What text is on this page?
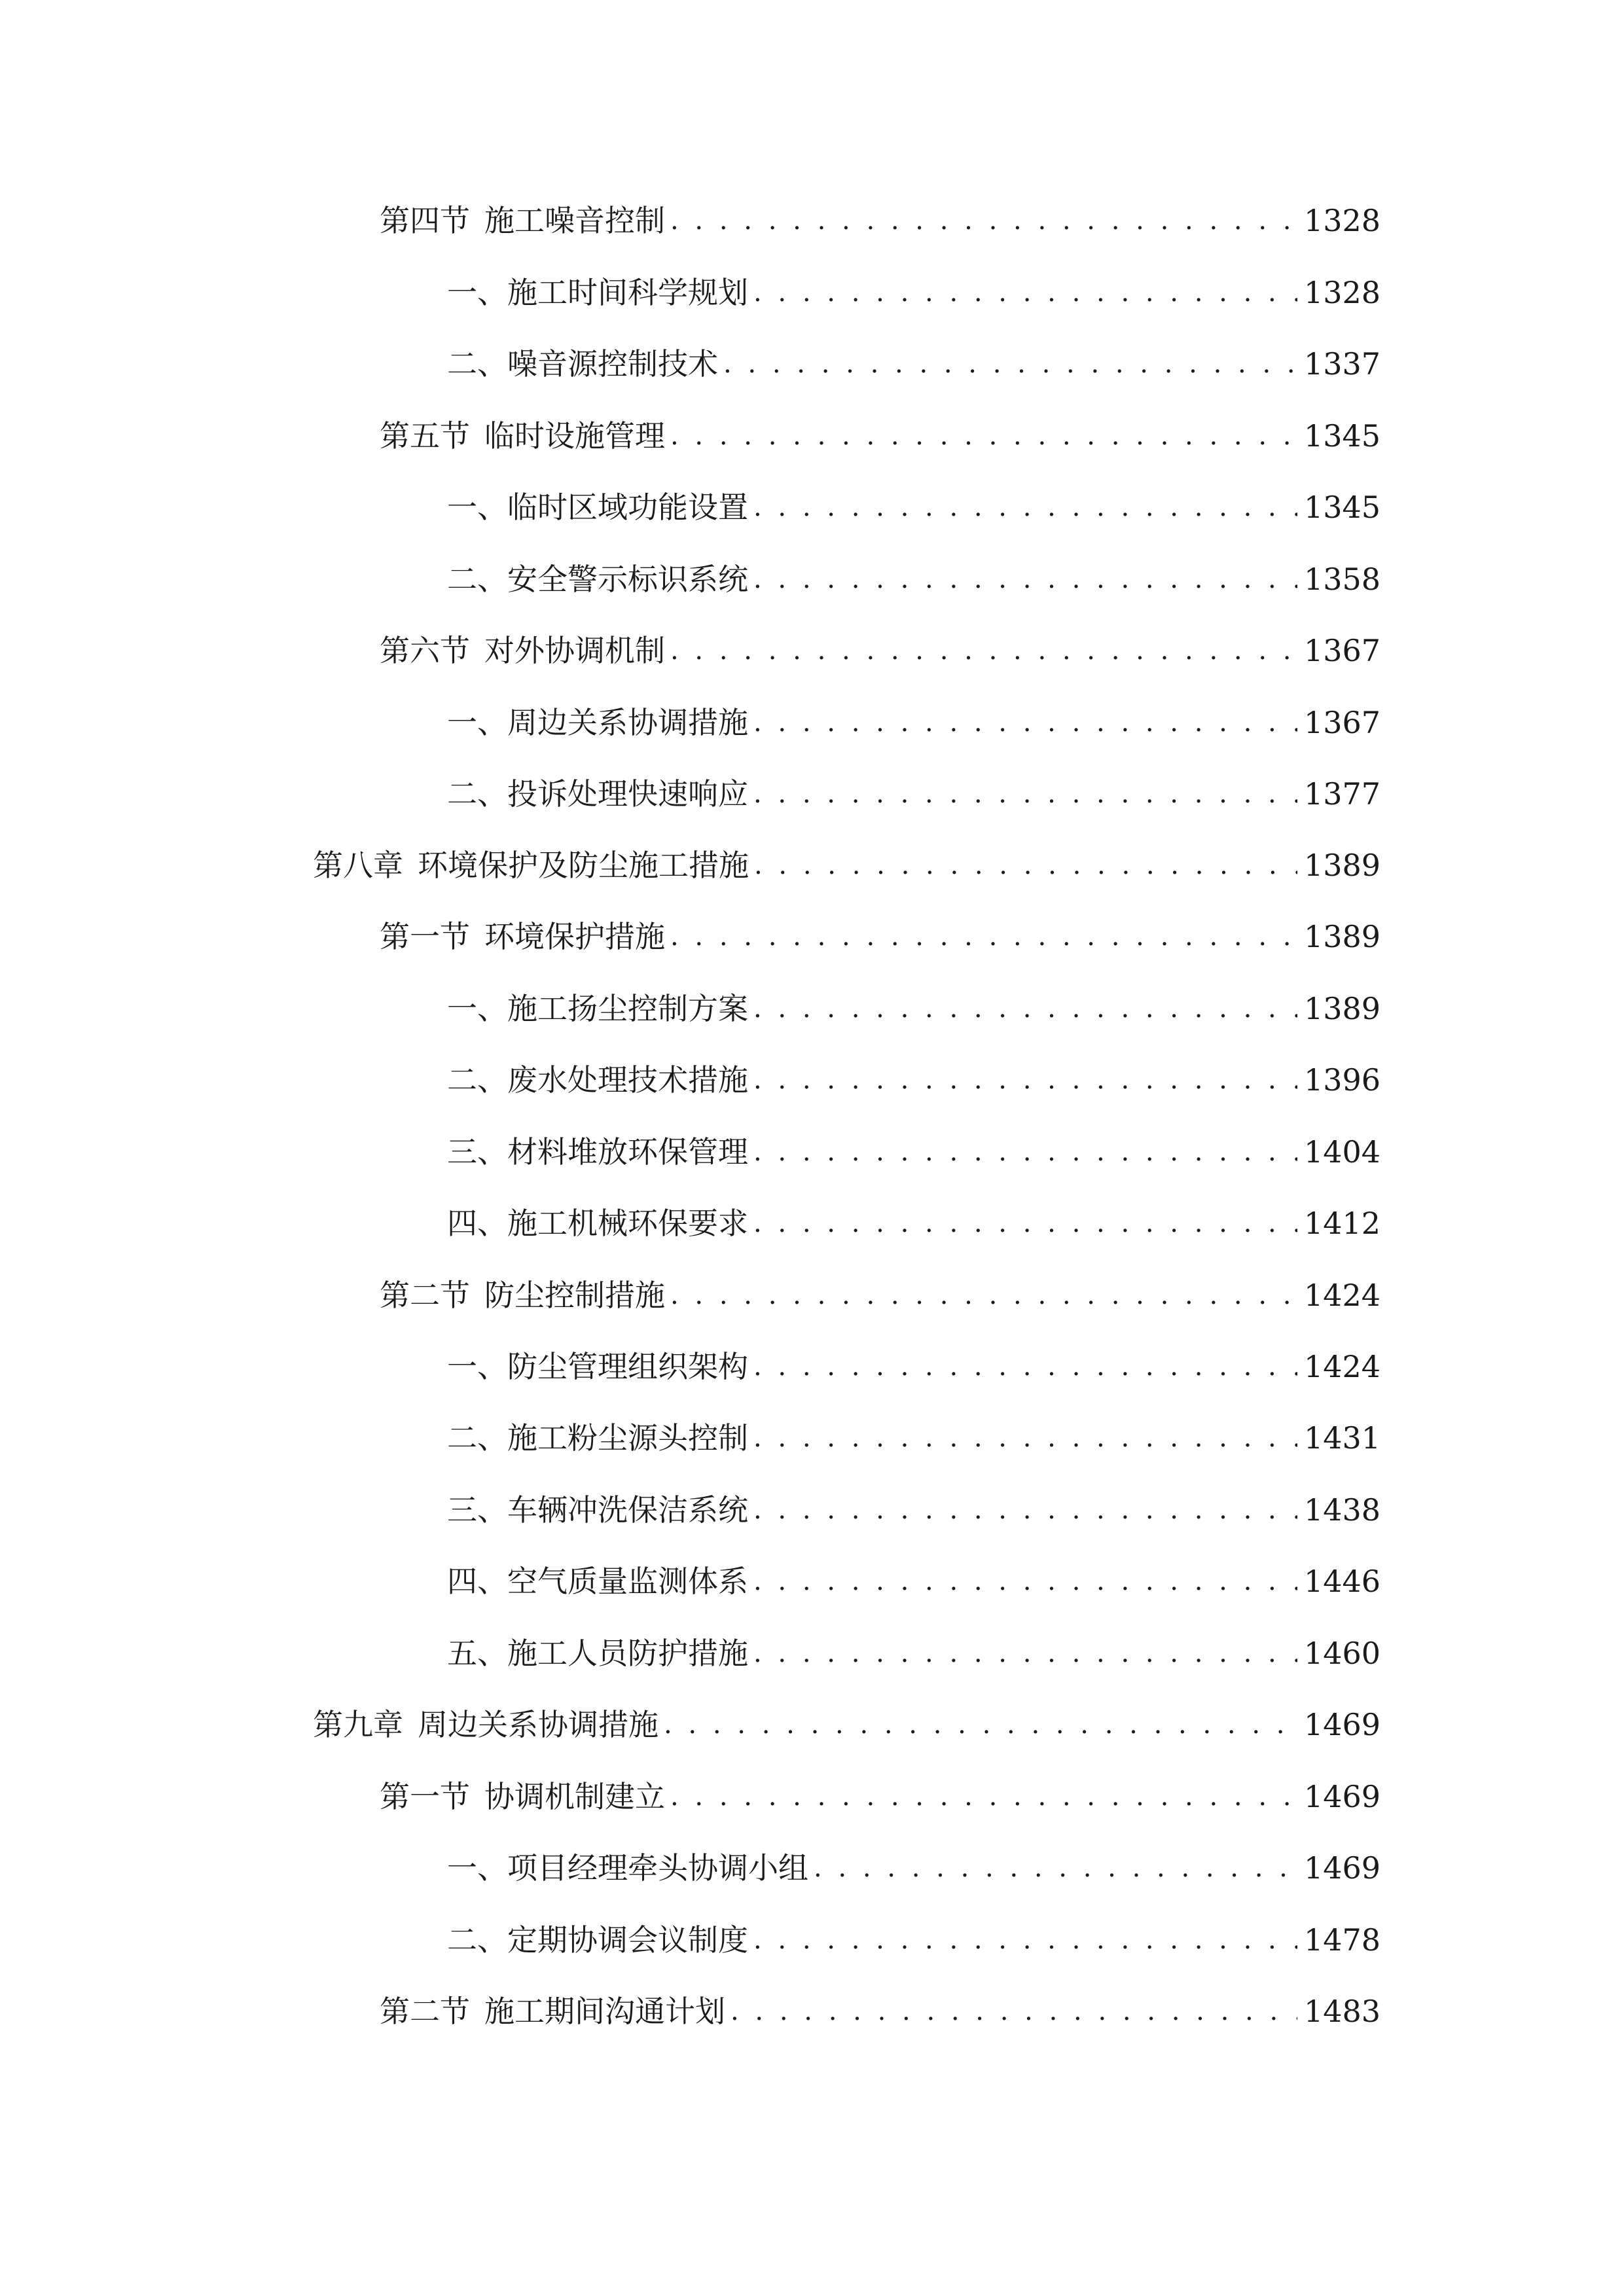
第四节 施工噪音控制 . . .	1328
一、 施工时间科学规划 . . .	1328
二、 噪音源控制技术 . . .	1337
第五节 临时设施管理 . . .	1345
一、 临时区域功能设置 . . .	1345
二、 安全警示标识系统 . . .	1358
第六节 对外协调机制 . . .	1367
一、 周边关系协调措施 . . .	1367
二、 投诉处理快速响应 . . .	1377
第八章 环境保护及防尘施工措施 . . .	1389
第一节 环境保护措施 . . .	1389
一、 施工扬尘控制方案 . . .	1389
二、 废水处理技术措施 . . .	1396
三、 材料堆放环保管理 . . .	1404
四、 施工机械环保要求 . . .	1412
第二节 防尘控制措施 . . .	1424
一、 防尘管理组织架构 . . .	1424
二、 施工粉尘源头控制 . . .	1431
三、 车辆冲洗保洁系统 . . .	1438
四、 空气质量监测体系 . . .	1446
五、 施工人员防护措施 . . .	1460
第九章 周边关系协调措施 . . .	1469
第一节 协调机制建立 . . .	1469
一、 项目经理牵头协调小组 . . .	1469
二、 定期协调会议制度 . . .	1478
第二节 施工期间沟通计划 . . .	1483
